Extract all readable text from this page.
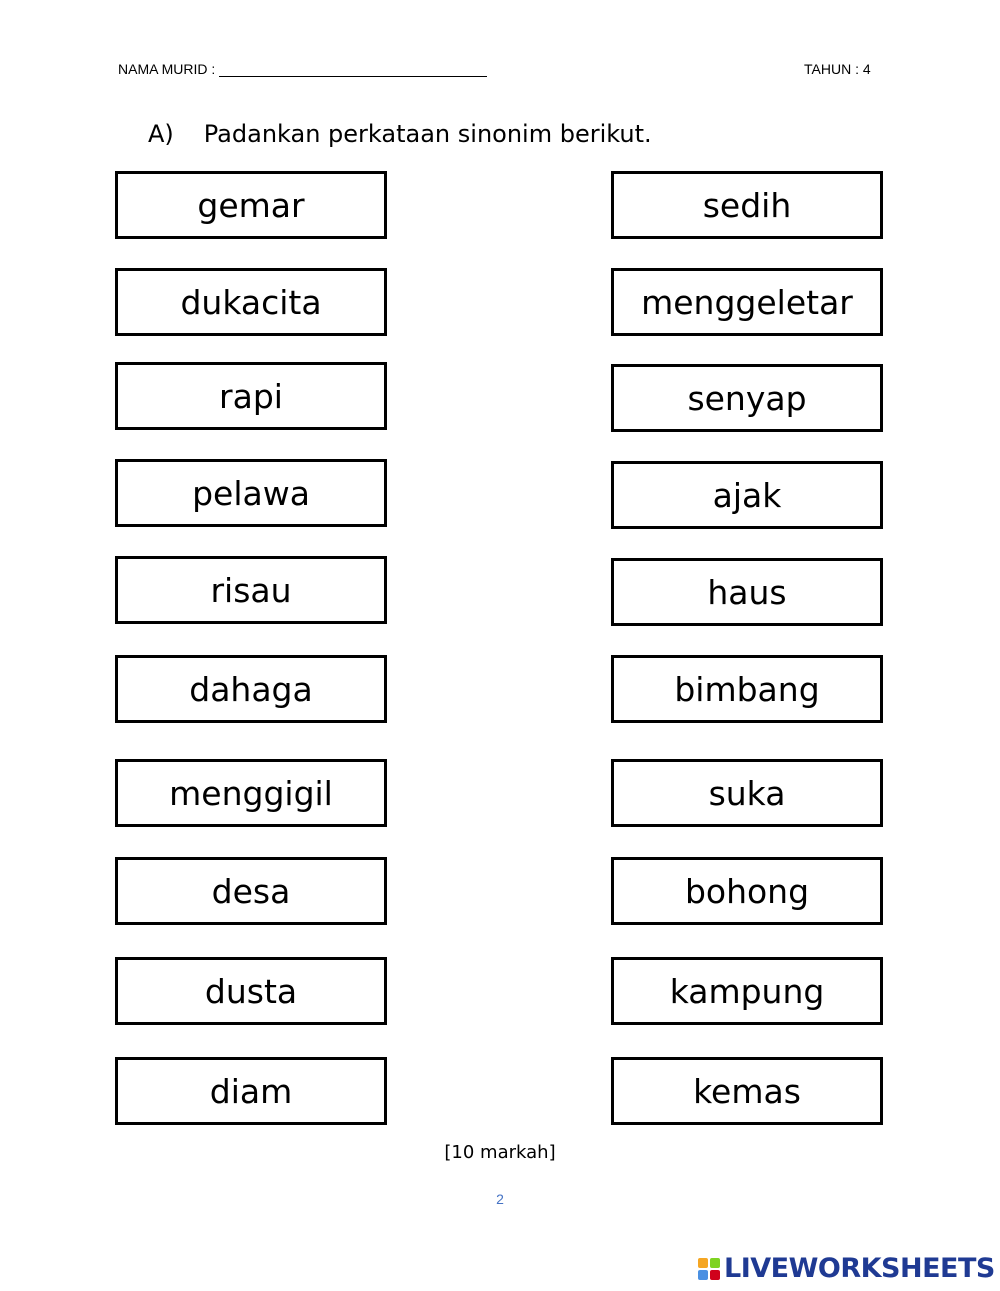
NAMA MURID :	TAHUN : 4
A) Padankan perkataan sinonim berikut.
gemar
dukacita
rapi
pelawa
risau
dahaga
menggigil
desa
dusta
diam
sedih
menggeletar
senyap
ajak
haus
bimbang
suka
bohong
kampung
kemas
[10 markah]
2
LIVEWORKSHEETS
